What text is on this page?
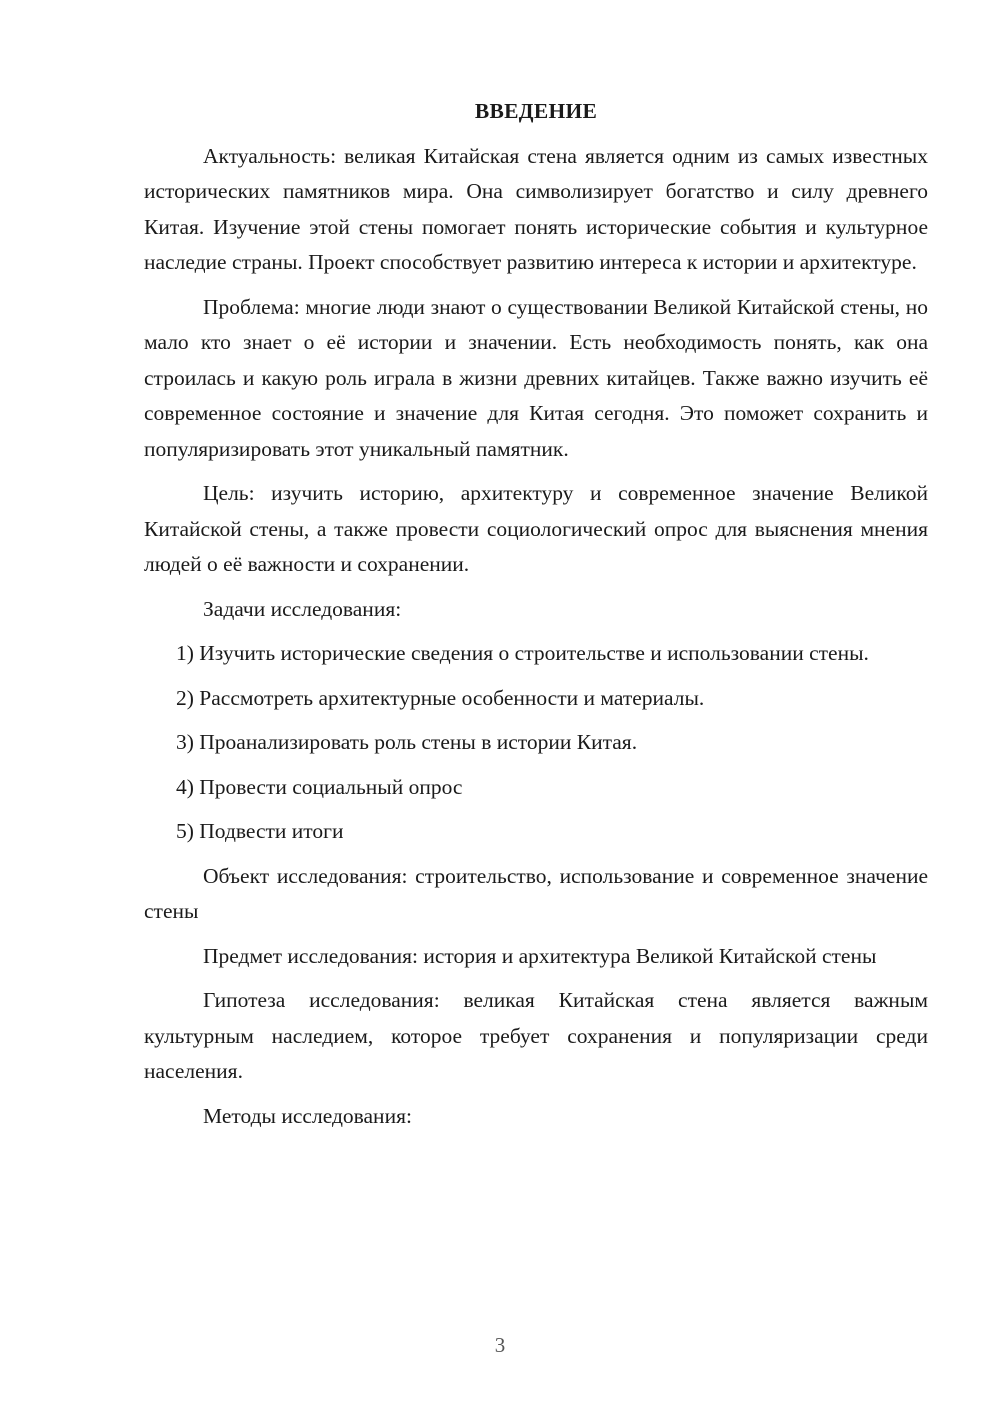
ВВЕДЕНИЕ

Актуальность: великая Китайская стена является одним из самых известных исторических памятников мира. Она символизирует богатство и силу древнего Китая. Изучение этой стены помогает понять исторические события и культурное наследие страны. Проект способствует развитию интереса к истории и архитектуре.

Проблема: многие люди знают о существовании Великой Китайской стены, но мало кто знает о её истории и значении. Есть необходимость понять, как она строилась и какую роль играла в жизни древних китайцев. Также важно изучить её современное состояние и значение для Китая сегодня. Это поможет сохранить и популяризировать этот уникальный памятник.

Цель: изучить историю, архитектуру и современное значение Великой Китайской стены, а также провести социологический опрос для выяснения мнения людей о её важности и сохранении.

Задачи исследования:

1) Изучить исторические сведения о строительстве и использовании стены.

2) Рассмотреть архитектурные особенности и материалы.

3) Проанализировать роль стены в истории Китая.

4) Провести социальный опрос

5) Подвести итоги

Объект исследования: строительство, использование и современное значение стены

Предмет исследования: история и архитектура Великой Китайской стены

Гипотеза исследования: великая Китайская стена является важным культурным наследием, которое требует сохранения и популяризации среди населения.

Методы исследования:

3
